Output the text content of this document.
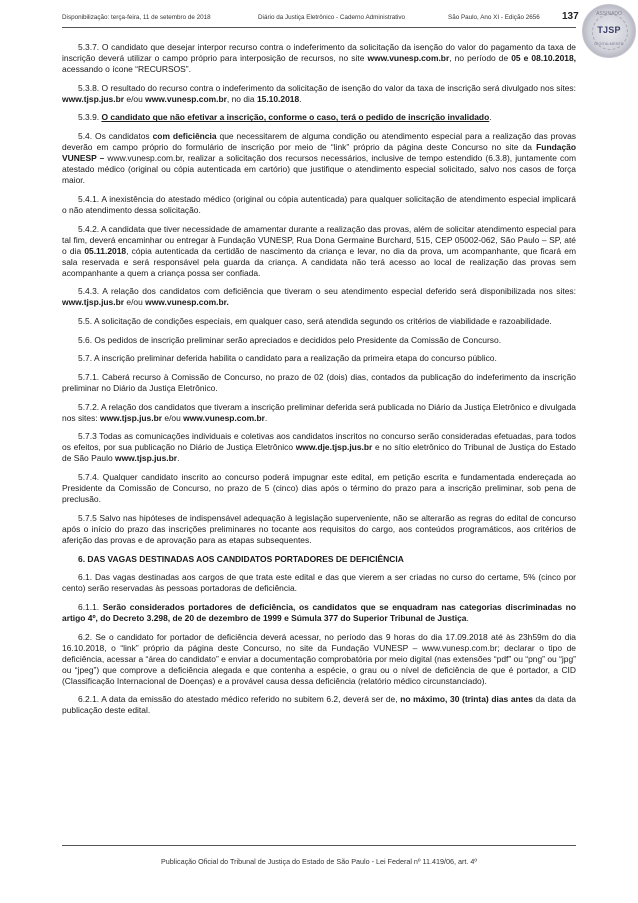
Disponibilização: terça-feira, 11 de setembro de 2018	Diário da Justiça Eletrônico - Caderno Administrativo	São Paulo, Ano XI - Edição 2656 137	ASSINADO
TJSP
DIGITALMENTE

5.3.7. O candidato que desejar interpor recurso contra o indeferimento da solicitação da isenção do valor do pagamento da taxa de inscrição deverá utilizar o campo próprio para interposição de recursos, no site www.vunesp.com.br, no período de 05 e 08.10.2018, acessando o ícone “RECURSOS”.

5.3.8. O resultado do recurso contra o indeferimento da solicitação de isenção do valor da taxa de inscrição será divulgado nos sites: www.tjsp.jus.br e/ou www.vunesp.com.br, no dia 15.10.2018.

5.3.9. O candidato que não efetivar a inscrição, conforme o caso, terá o pedido de inscrição invalidado.

5.4. Os candidatos com deficiência que necessitarem de alguma condição ou atendimento especial para a realização das provas deverão em campo próprio do formulário de inscrição por meio de “link” próprio da página deste Concurso no site da Fundação VUNESP – www.vunesp.com.br, realizar a solicitação dos recursos necessários, inclusive de tempo estendido (6.3.8), juntamente com atestado médico (original ou cópia autenticada em cartório) que justifique o atendimento especial solicitado, salvo nos casos de força maior.

5.4.1. A inexistência do atestado médico (original ou cópia autenticada) para qualquer solicitação de atendimento especial implicará o não atendimento dessa solicitação.

5.4.2. A candidata que tiver necessidade de amamentar durante a realização das provas, além de solicitar atendimento especial para tal fim, deverá encaminhar ou entregar à Fundação VUNESP, Rua Dona Germaine Burchard, 515, CEP 05002-062, São Paulo – SP, até o dia 05.11.2018, cópia autenticada da certidão de nascimento da criança e levar, no dia da prova, um acompanhante, que ficará em sala reservada e será responsável pela guarda da criança. A candidata não terá acesso ao local de realização das provas sem acompanhante a quem a criança possa ser confiada.

5.4.3. A relação dos candidatos com deficiência que tiveram o seu atendimento especial deferido será disponibilizada nos sites: www.tjsp.jus.br e/ou www.vunesp.com.br.

5.5. A solicitação de condições especiais, em qualquer caso, será atendida segundo os critérios de viabilidade e razoabilidade.

5.6. Os pedidos de inscrição preliminar serão apreciados e decididos pelo Presidente da Comissão de Concurso.

5.7. A inscrição preliminar deferida habilita o candidato para a realização da primeira etapa do concurso público.

5.7.1. Caberá recurso à Comissão de Concurso, no prazo de 02 (dois) dias, contados da publicação do indeferimento da inscrição preliminar no Diário da Justiça Eletrônico.

5.7.2. A relação dos candidatos que tiveram a inscrição preliminar deferida será publicada no Diário da Justiça Eletrônico e divulgada nos sites: www.tjsp.jus.br e/ou www.vunesp.com.br.

5.7.3 Todas as comunicações individuais e coletivas aos candidatos inscritos no concurso serão consideradas efetuadas, para todos os efeitos, por sua publicação no Diário de Justiça Eletrônico www.dje.tjsp.jus.br e no sítio eletrônico do Tribunal de Justiça do Estado de São Paulo www.tjsp.jus.br.

5.7.4. Qualquer candidato inscrito ao concurso poderá impugnar este edital, em petição escrita e fundamentada endereçada ao Presidente da Comissão de Concurso, no prazo de 5 (cinco) dias após o término do prazo para a inscrição preliminar, sob pena de preclusão.

5.7.5 Salvo nas hipóteses de indispensável adequação à legislação superveniente, não se alterarão as regras do edital de concurso após o início do prazo das inscrições preliminares no tocante aos requisitos do cargo, aos conteúdos programáticos, aos critérios de aferição das provas e de aprovação para as etapas subsequentes.

6. DAS VAGAS DESTINADAS AOS CANDIDATOS PORTADORES DE DEFICIÊNCIA

6.1. Das vagas destinadas aos cargos de que trata este edital e das que vierem a ser criadas no curso do certame, 5% (cinco por cento) serão reservadas às pessoas portadoras de deficiência.

6.1.1. Serão considerados portadores de deficiência, os candidatos que se enquadram nas categorias discriminadas no artigo 4º, do Decreto 3.298, de 20 de dezembro de 1999 e Súmula 377 do Superior Tribunal de Justiça.

6.2. Se o candidato for portador de deficiência deverá acessar, no período das 9 horas do dia 17.09.2018 até às 23h59m do dia 16.10.2018, o “link” próprio da página deste Concurso, no site da Fundação VUNESP – www.vunesp.com.br; declarar o tipo de deficiência, acessar a “área do candidato” e enviar a documentação comprobatória por meio digital (nas extensões “pdf” ou “png” ou “jpg” ou “jpeg”) que comprove a deficiência alegada e que contenha a espécie, o grau ou o nível de deficiência de que é portador, a CID (Classificação Internacional de Doenças) e a provável causa dessa deficiência (relatório médico circunstanciado).

6.2.1. A data da emissão do atestado médico referido no subitem 6.2, deverá ser de, no máximo, 30 (trinta) dias antes da data da publicação deste edital.

Publicação Oficial do Tribunal de Justiça do Estado de São Paulo - Lei Federal nº 11.419/06, art. 4º
